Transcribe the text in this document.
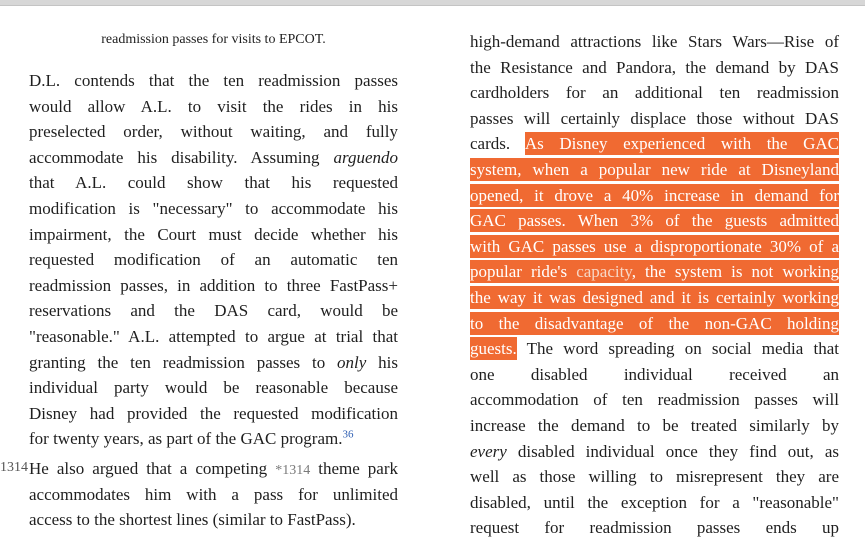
readmission passes for visits to EPCOT.
D.L. contends that the ten readmission passes
would allow A.L. to visit the rides in his
preselected order, without waiting, and fully
accommodate his disability. Assuming arguendo
that A.L. could show that his requested
modification is "necessary" to accommodate his
impairment, the Court must decide whether his
requested modification of an automatic ten
readmission passes, in addition to three FastPass+
reservations and the DAS card, would be
"reasonable." A.L. attempted to argue at trial that
granting the ten readmission passes to only his
individual party would be reasonable because
Disney had provided the requested modification
for twenty years, as part of the GAC program.$^{36}$
1314 He also argued that a competing *1314 theme park
accommodates him with a pass for unlimited
access to the shortest lines (similar to FastPass).
high-demand attractions like Stars Wars—Rise of
the Resistance and Pandora, the demand by DAS
cardholders for an additional ten readmission
passes will certainly displace those without DAS
cards. As Disney experienced with the GAC
system, when a popular new ride at Disneyland
opened, it drove a 40% increase in demand for
GAC passes. When 3% of the guests admitted
with GAC passes use a disproportionate 30% of a
popular ride's capacity, the system is not working
the way it was designed and it is certainly working
to the disadvantage of the non-GAC holding
guests. The word spreading on social media that
one disabled individual received an
accommodation of ten readmission passes will
increase the demand to be treated similarly by
every disabled individual once they find out, as
well as those willing to misrepresent they are
disabled, until the exception for a "reasonable"
request for readmission passes ends up
